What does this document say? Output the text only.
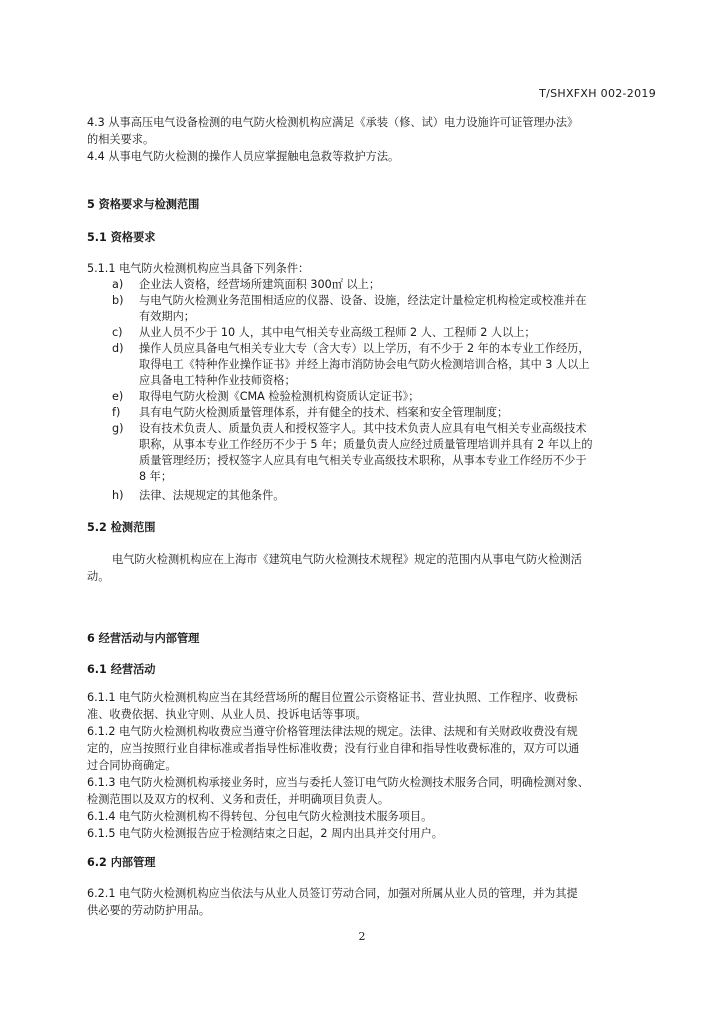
T/SHXFXH 002-2019
4.3 从事高压电气设备检测的电气防火检测机构应满足《承装（修、试）电力设施许可证管理办法》
的相关要求。
4.4 从事电气防火检测的操作人员应掌握触电急救等救护方法。
5 资格要求与检测范围
5.1 资格要求
5.1.1 电气防火检测机构应当具备下列条件：
a) 企业法人资格，经营场所建筑面积 300㎡ 以上；
b) 与电气防火检测业务范围相适应的仪器、设备、设施，经法定计量检定机构检定或校准并在
有效期内；
c) 从业人员不少于 10 人，其中电气相关专业高级工程师 2 人、工程师 2 人以上；
d) 操作人员应具备电气相关专业大专（含大专）以上学历，有不少于 2 年的本专业工作经历，
取得电工《特种作业操作证书》并经上海市消防协会电气防火检测培训合格，其中 3 人以上
应具备电工特种作业技师资格；
e) 取得电气防火检测《CMA 检验检测机构资质认定证书》；
f) 具有电气防火检测质量管理体系，并有健全的技术、档案和安全管理制度；
g) 设有技术负责人、质量负责人和授权签字人。其中技术负责人应具有电气相关专业高级技术
职称，从事本专业工作经历不少于 5 年；质量负责人应经过质量管理培训并具有 2 年以上的
质量管理经历；授权签字人应具有电气相关专业高级技术职称，从事本专业工作经历不少于
8 年；
h) 法律、法规规定的其他条件。
5.2 检测范围
电气防火检测机构应在上海市《建筑电气防火检测技术规程》规定的范围内从事电气防火检测活
动。
6 经营活动与内部管理
6.1 经营活动
6.1.1 电气防火检测机构应当在其经营场所的醒目位置公示资格证书、营业执照、工作程序、收费标
准、收费依据、执业守则、从业人员、投诉电话等事项。
6.1.2 电气防火检测机构收费应当遵守价格管理法律法规的规定。法律、法规和有关财政收费没有规
定的，应当按照行业自律标准或者指导性标准收费；没有行业自律和指导性收费标准的，双方可以通
过合同协商确定。
6.1.3 电气防火检测机构承接业务时，应当与委托人签订电气防火检测技术服务合同，明确检测对象、
检测范围以及双方的权利、义务和责任，并明确项目负责人。
6.1.4 电气防火检测机构不得转包、分包电气防火检测技术服务项目。
6.1.5 电气防火检测报告应于检测结束之日起，2 周内出具并交付用户。
6.2 内部管理
6.2.1 电气防火检测机构应当依法与从业人员签订劳动合同，加强对所属从业人员的管理，并为其提
供必要的劳动防护用品。
2
